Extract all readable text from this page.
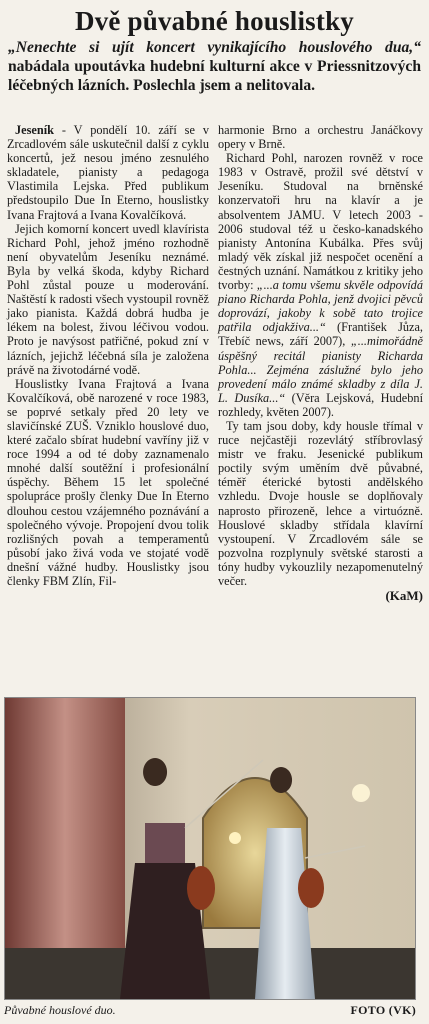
Dvě půvabné houslistky
„Nenechte si ujít koncert vynikajícího houslového dua,“ nabádala upoutávka hudební kulturní akce v Priessnitzových léčebných lázních. Poslechla jsem a nelitovala.

Jeseník - V pondělí 10. září se v Zrcadlovém sále uskutečnil další z cyklu koncertů, jež nesou jméno zesnulého skladatele, pianisty a pedagoga Vlastimila Lejska. Před publikum předstoupilo Due In Eterno, houslistky Ivana Frajtová a Ivana Kovalčíková.

Jejich komorní koncert uvedl klavírista Richard Pohl, jehož jméno rozhodně není obyvatelům Jeseníku neznámé. Byla by velká škoda, kdyby Richard Pohl zůstal pouze u moderování. Naštěstí k radosti všech vystoupil rovněž jako pianista. Každá dobrá hudba je lékem na bolest, živou léčivou vodou. Proto je navýsost patřičné, pokud zní v lázních, jejichž léčebná síla je založena právě na životodárné vodě.

Houslistky Ivana Frajtová a Ivana Kovalčíková, obě narozené v roce 1983, se poprvé setkaly před 20 lety ve slavičínské ZUŠ. Vzniklo houslové duo, které začalo sbírat hudební vavříny již v roce 1994 a od té doby zaznamenalo mnohé další soutěžní i profesionální úspěchy. Během 15 let společné spolupráce prošly členky Due In Eterno dlouhou cestou vzájemného poznávání a společného vývoje. Propojení dvou tolik rozlišných povah a temperamentů působí jako živá voda ve stojaté vodě dnešní vážné hudby. Houslistky jsou členky FBM Zlín, Fil-

harmonie Brno a orchestru Janáčkovy opery v Brně.

Richard Pohl, narozen rovněž v roce 1983 v Ostravě, prožil své dětství v Jeseníku. Studoval na brněnské konzervatoři hru na klavír a je absolventem JAMU. V letech 2003 - 2006 studoval též u česko-kanadského pianisty Antonína Kubálka. Přes svůj mladý věk získal již nespočet ocenění a čestných uznání. Namátkou z kritiky jeho tvorby: „...a tomu všemu skvěle odpovídá piano Richarda Pohla, jenž dvojici pěvců doprovází, jakoby k sobě tato trojice patřila odjakživa...“ (František Jůza, Třebíč news, září 2007), „...mimořádně úspěšný recitál pianisty Richarda Pohla... Zejména záslužné bylo jeho provedení málo známé skladby z díla J. L. Dusíka...“ (Věra Lejsková, Hudební rozhledy, květen 2007).

Ty tam jsou doby, kdy housle třímal v ruce nejčastěji rozevlátý stříbrovlasý mistr ve fraku. Jesenické publikum poctily svým uměním dvě půvabné, téměř éterické bytosti andělského vzhledu. Dvoje housle se doplňovaly naprosto přirozeně, lehce a virtuózně. Houslové skladby střídala klavírní vystoupení. V Zrcadlovém sále se pozvolna rozplynuly světské starosti a tóny hudby vykouzlily nezapomenutelný večer.

(KaM)
Půvabné houslové duo.	FOTO (VK)
